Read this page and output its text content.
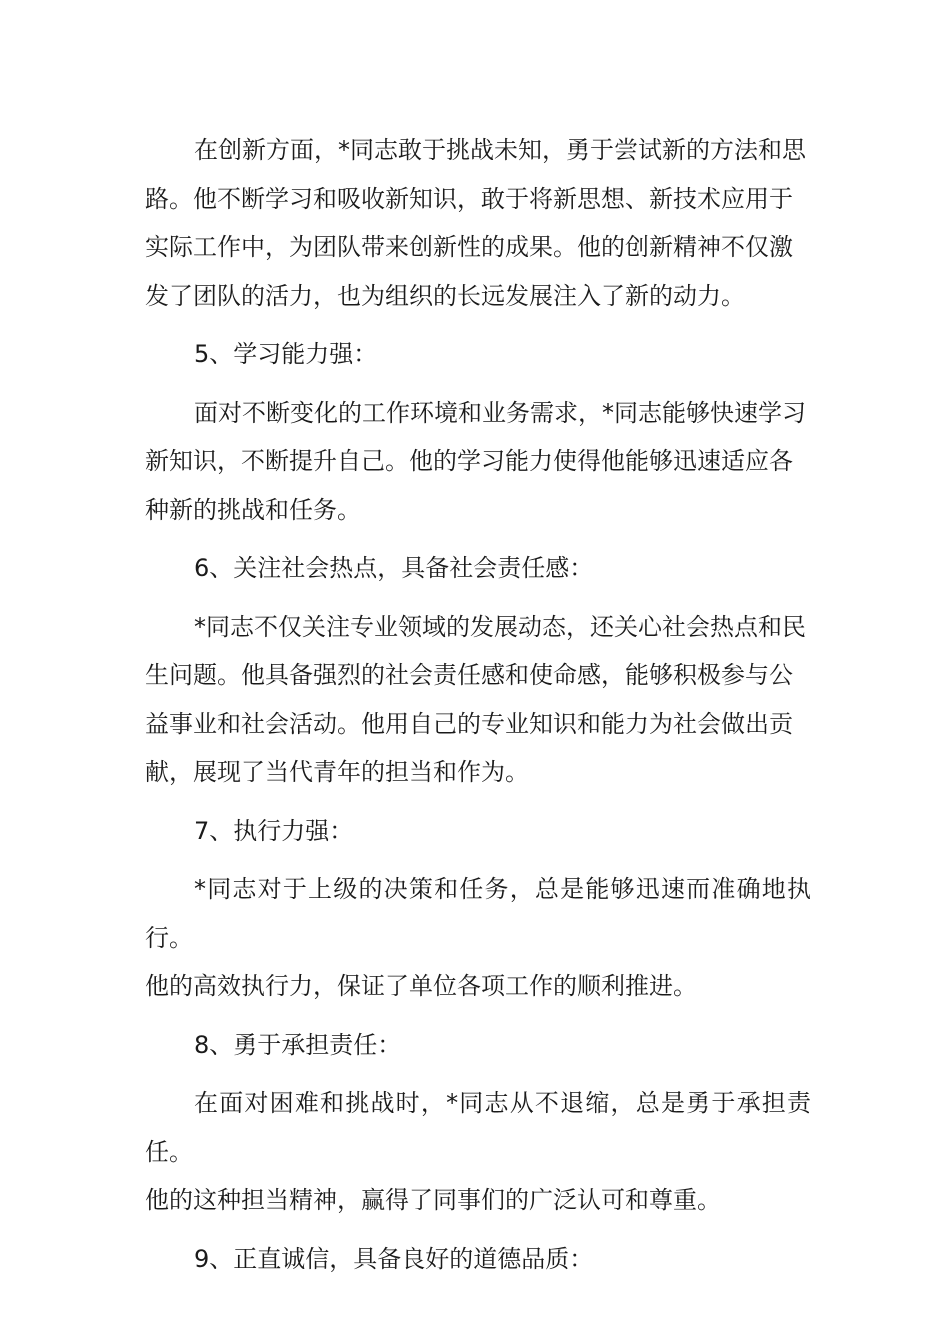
在创新方面，*同志敢于挑战未知，勇于尝试新的方法和思
路。他不断学习和吸收新知识，敢于将新思想、新技术应用于
实际工作中，为团队带来创新性的成果。他的创新精神不仅激
发了团队的活力，也为组织的长远发展注入了新的动力。
5、学习能力强：
面对不断变化的工作环境和业务需求，*同志能够快速学习
新知识，不断提升自己。他的学习能力使得他能够迅速适应各
种新的挑战和任务。
6、关注社会热点，具备社会责任感：
*同志不仅关注专业领域的发展动态，还关心社会热点和民
生问题。他具备强烈的社会责任感和使命感，能够积极参与公
益事业和社会活动。他用自己的专业知识和能力为社会做出贡
献，展现了当代青年的担当和作为。
7、执行力强：
*同志对于上级的决策和任务，总是能够迅速而准确地执行。
他的高效执行力，保证了单位各项工作的顺利推进。
8、勇于承担责任：
在面对困难和挑战时，*同志从不退缩，总是勇于承担责任。
他的这种担当精神，赢得了同事们的广泛认可和尊重。
9、正直诚信，具备良好的道德品质：
